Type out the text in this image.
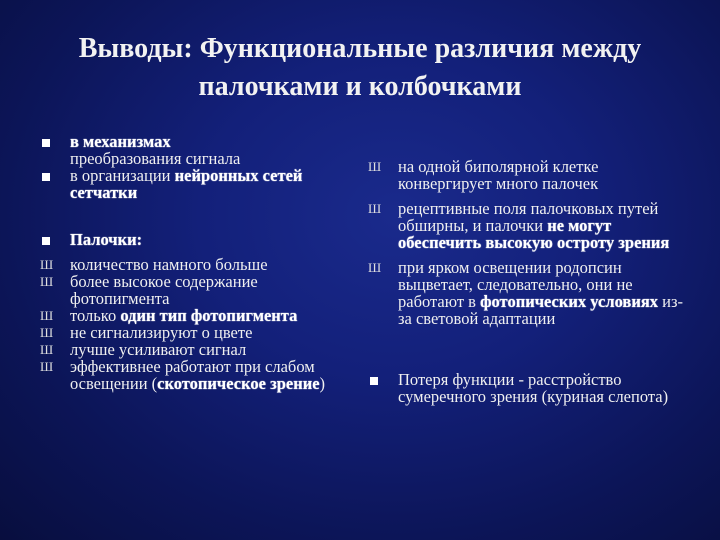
Выводы: Функциональные различия между палочками и колбочками
в механизмах
преобразования сигнала
в организации нейронных сетей сетчатки
Палочки:
Ш	количество намного больше
Ш	более высокое содержание фотопигмента
Ш	только один тип фотопигмента
Ш	не сигнализируют о цвете
Ш	лучше усиливают сигнал
Ш	эффективнее работают при слабом освещении (скотопическое зрение)
Ш	на одной биполярной клетке конвергирует много палочек
Ш	рецептивные поля палочковых путей обширны, и палочки не могут обеспечить высокую остроту зрения
Ш	при ярком освещении родопсин выцветает, следовательно, они не работают в фотопических условиях из-за световой адаптации
Потеря функции - расстройство сумеречного зрения (куриная слепота)
